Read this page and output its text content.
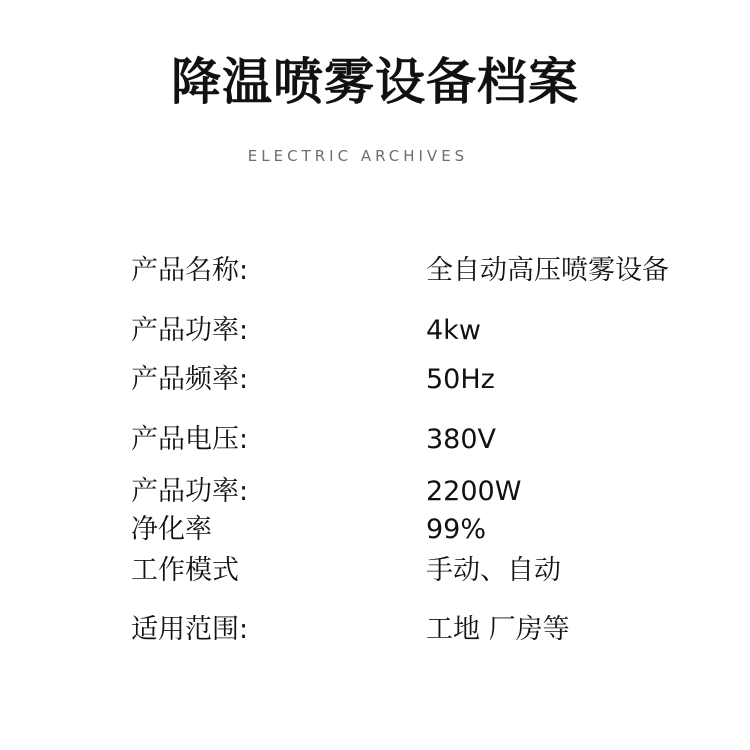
降温喷雾设备档案
ELECTRIC ARCHIVES
产品名称:	全自动高压喷雾设备
产品功率:	4kw
产品频率:	50Hz
产品电压:	380V
产品功率:	2200W
净化率	99%
工作模式	手动、自动
适用范围:	工地 厂房等
